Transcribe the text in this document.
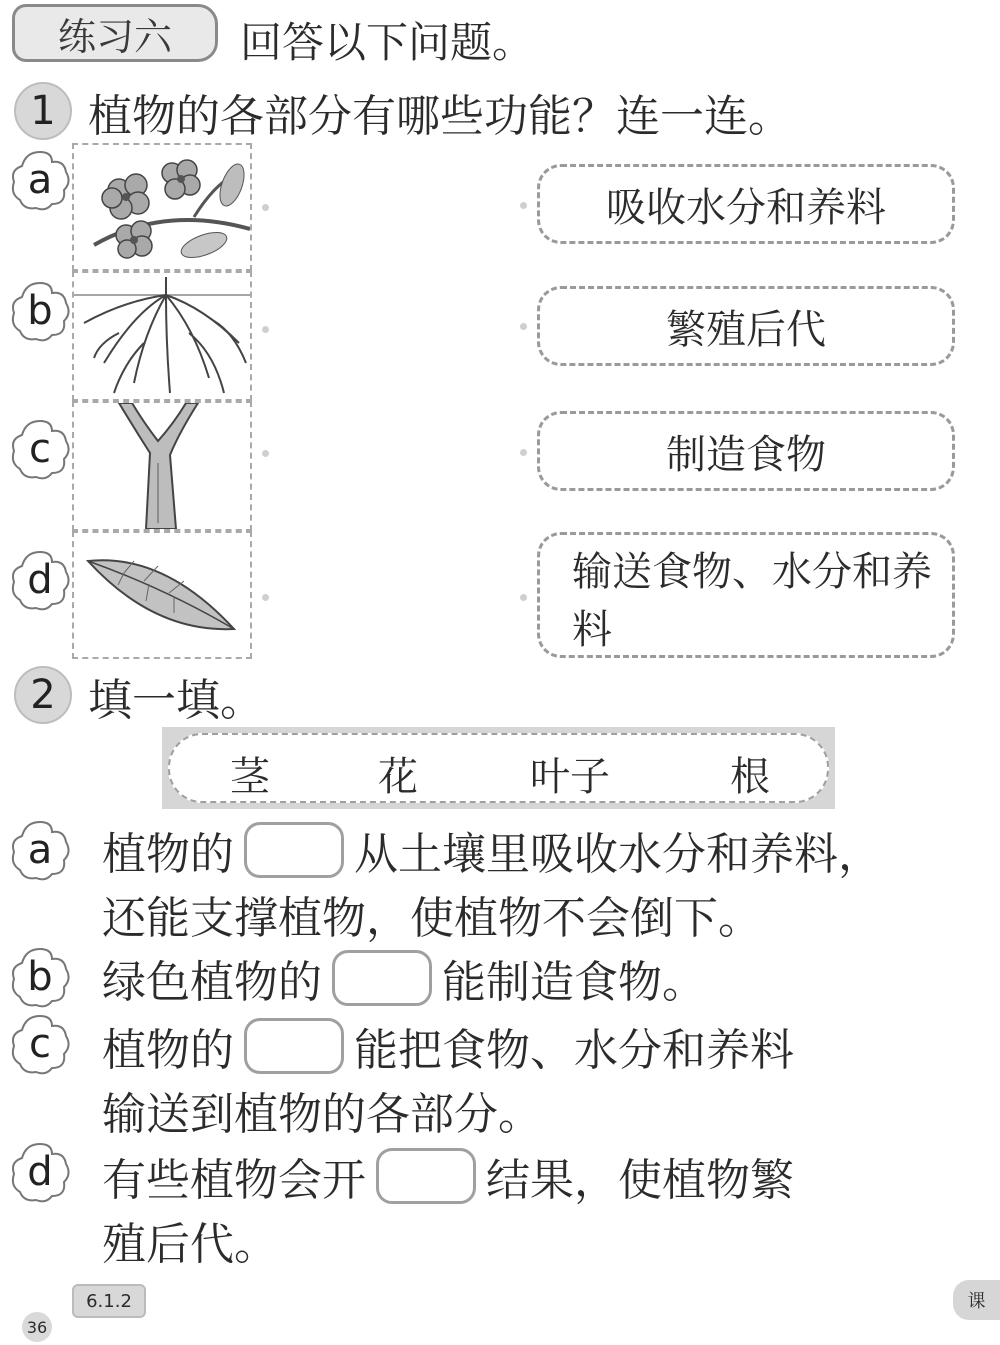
练习六	回答以下问题。
1 植物的各部分有哪些功能？连一连。
a
b
c
d
吸收水分和养料
繁殖后代
制造食物
输送食物、水分和养料
2 填一填。
茎	花	叶子	根
a
b
c
d
植物的	从土壤里吸收水分和养料，
还能支撑植物，使植物不会倒下。
绿色植物的	能制造食物。
植物的	能把食物、水分和养料
输送到植物的各部分。
有些植物会开	结果，使植物繁
殖后代。
6.1.2
36
课
